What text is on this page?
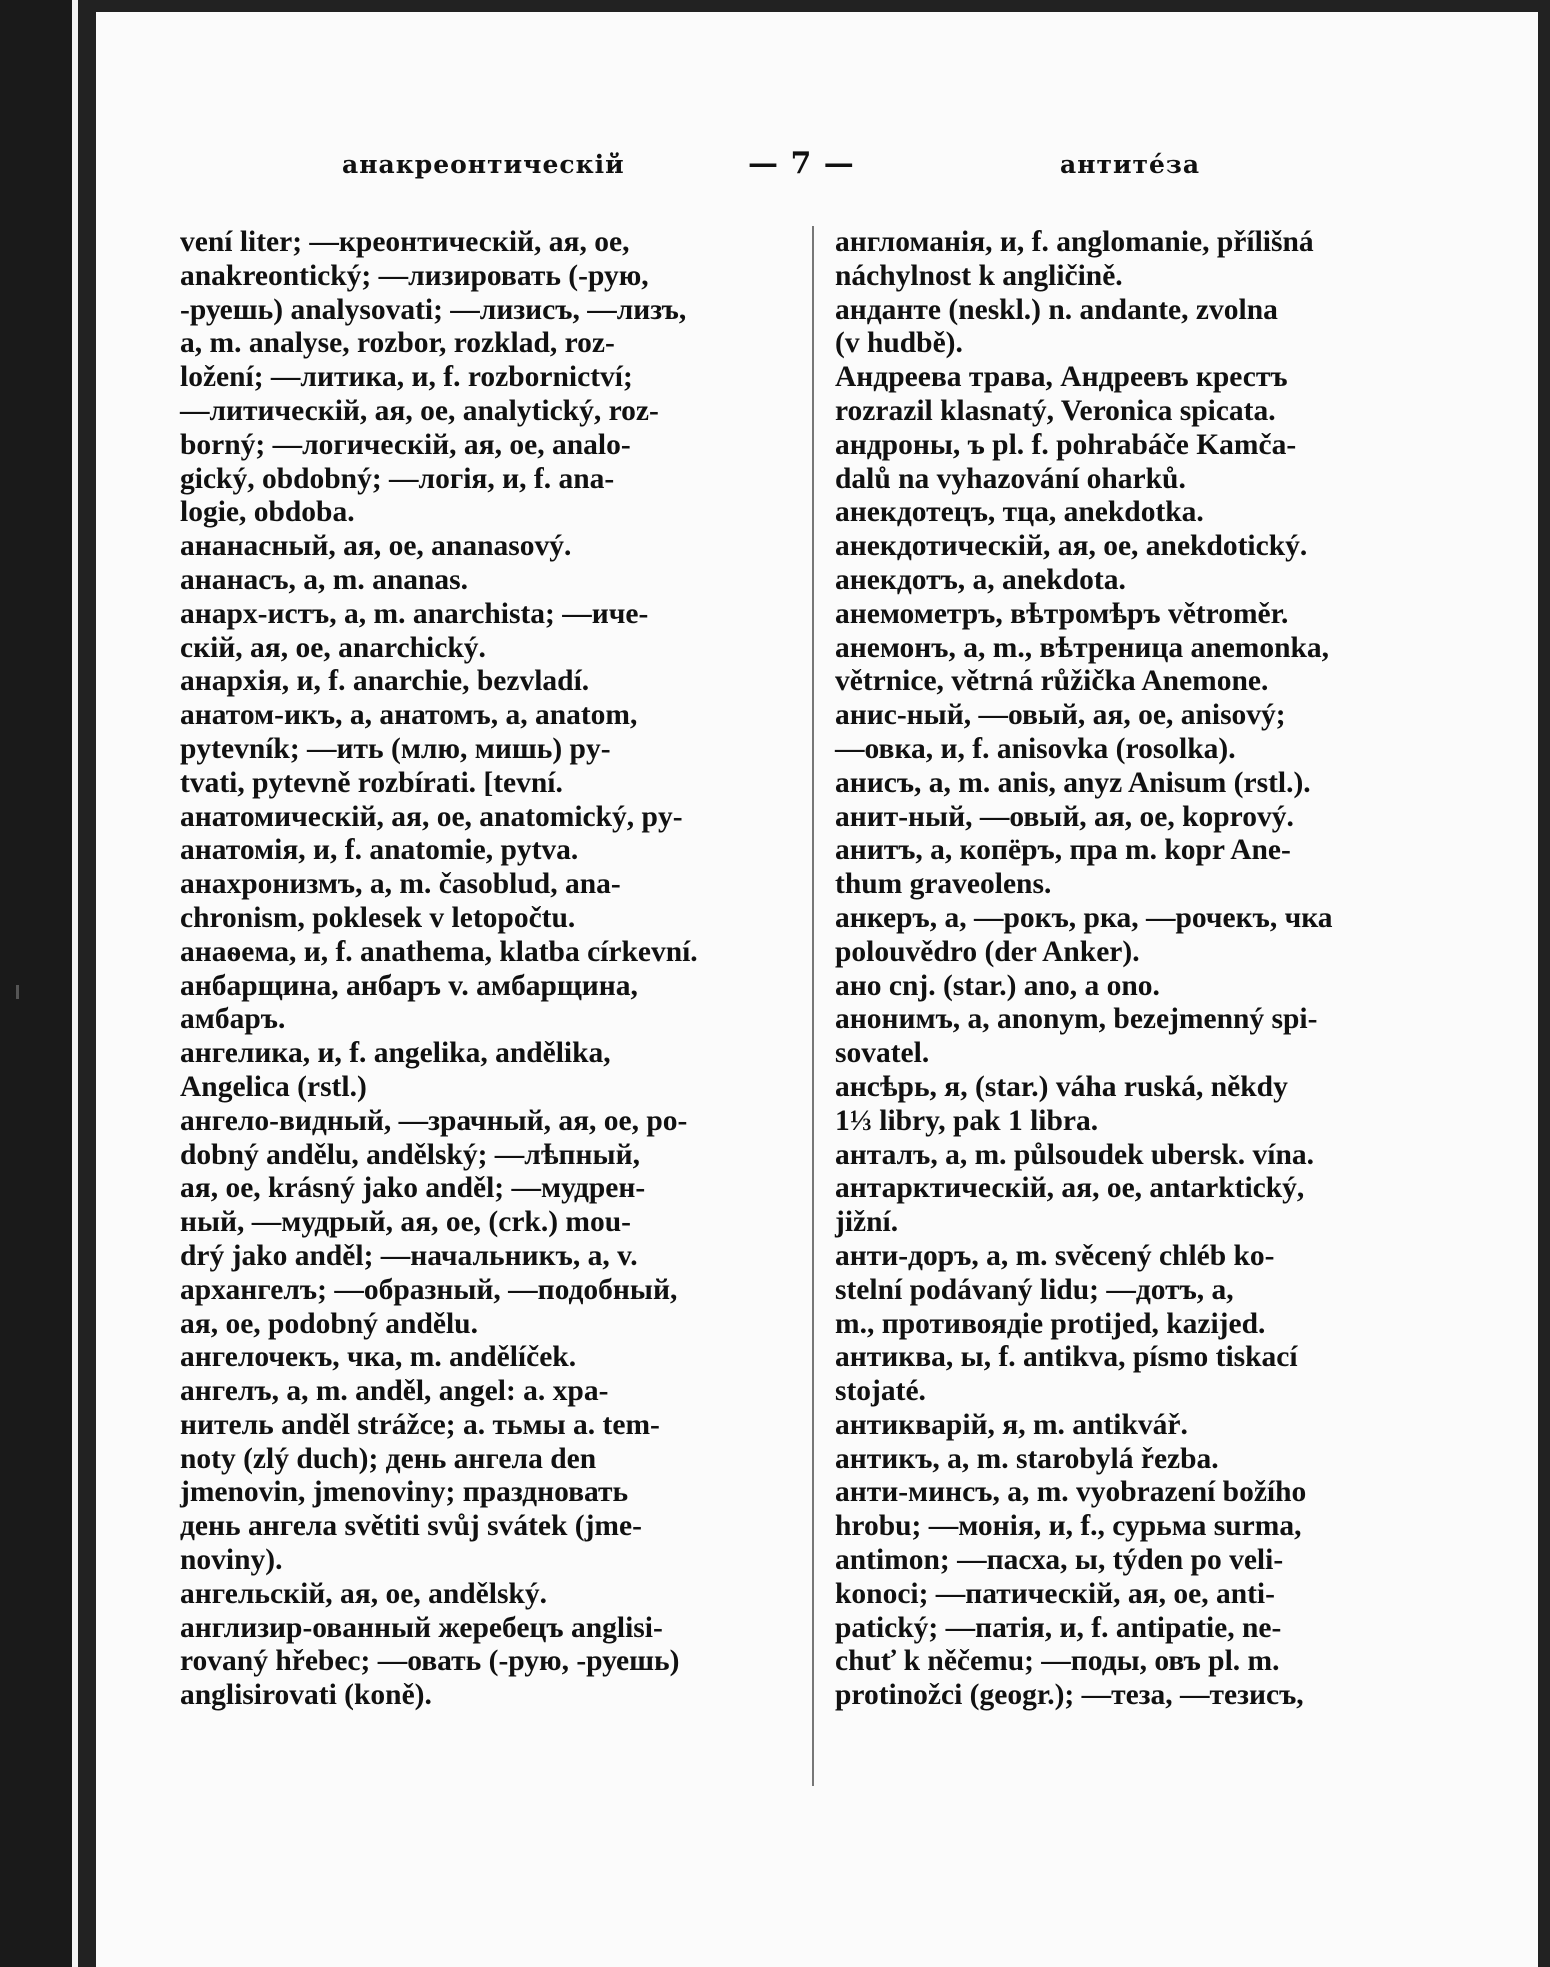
анакреонтическій	— 7 —	антитéза
vení liter; —креонтическій, ая, ое,
anakreontický; —лизировать (-рую,
-руешь) analysovati; —лизисъ, —лизъ,
a, m. analyse, rozbor, rozklad, roz-
ložení; —литика, и, f. rozbornictví;
—литическій, ая, ое, analytický, roz-
borný; —логическій, ая, ое, analo-
gický, obdobný; —логія, и, f. ana-
logie, obdoba.
ананасный, ая, ое, ananasový.
ананасъ, а, m. ananas.
анарх-истъ, а, m. anarchista; —иче-
скій, ая, ое, anarchický.
анархія, и, f. anarchie, bezvladí.
анатом-икъ, а, анатомъ, а, anatom,
pytevník; —ить (млю, мишь) py-
tvati, pytevně rozbírati. [tevní.
анатомическій, ая, ое, anatomický, py-
анатомія, и, f. anatomie, pytva.
анахронизмъ, а, m. časoblud, ana-
chronism, poklesek v letopočtu.
анаѳема, и, f. anathema, klatba církevní.
анбарщина, анбаръ v. амбарщина,
амбаръ.
ангелика, и, f. angelika, andělika,
Angelica (rstl.)
ангело-видный, —зрачный, ая, ое, po-
dobný andělu, andělský; —лѣпный,
ая, ое, krásný jako anděl; —мудрен-
ный, —мудрый, ая, ое, (crk.) mou-
drý jako anděl; —начальникъ, а, v.
архангелъ; —образный, —подобный,
ая, ое, podobný andělu.
ангелочекъ, чка, m. andělíček.
ангелъ, а, m. anděl, angel: а. хра-
нитель anděl strážce; а. тьмы a. tem-
noty (zlý duch); день ангела den
jmenovin, jmenoviny; праздновать
день ангела světiti svůj svátek (jme-
noviny).
ангельскій, ая, ое, andělský.
англизир-ованный жеребецъ anglisi-
rovaný hřebec; —овать (-рую, -руешь)
anglisirovati (koně).
англоманія, и, f. anglomanie, přílišná
náchylnost k angličině.
анданте (neskl.) n. andante, zvolna
(v hudbě).
Андреева трава, Андреевъ крестъ
rozrazil klasnatý, Veronica spicata.
андроны, ъ pl. f. pohrabáče Kamča-
dalů na vyhazování oharků.
анекдотецъ, тца, anekdotka.
анекдотическій, ая, ое, anekdotický.
анекдотъ, а, anekdota.
анемометръ, вѣтромѣръ větroměr.
анемонъ, а, m., вѣтреница anemonka,
větrnice, větrná růžička Anemone.
анис-ный, —овый, ая, ое, anisový;
—овка, и, f. anisovka (rosolka).
анисъ, а, m. anis, anyz Anisum (rstl.).
анит-ный, —овый, ая, ое, koprový.
анитъ, а, копёръ, пра m. kopr Ane-
thum graveolens.
анкеръ, а, —рокъ, рка, —рочекъ, чка
polouvědro (der Anker).
ано cnj. (star.) ano, a ono.
анонимъ, а, anonym, bezejmenný spi-
sovatel.
ансѣрь, я, (star.) váha ruská, někdy
1⅓ libry, pak 1 libra.
анталъ, а, m. půlsoudek ubersk. vína.
антарктическій, ая, ое, antarktický,
jižní.
анти-доръ, а, m. svěcený chléb ko-
stelní podávaný lidu; —дотъ, а,
m., противоядіе protijed, kazijed.
антиква, ы, f. antikva, písmo tiskací
stojaté.
антикварій, я, m. antikvář.
антикъ, а, m. starobylá řezba.
анти-минсъ, а, m. vyobrazení božího
hrobu; —монія, и, f., сурьма surma,
antimon; —пасха, ы, týden po veli-
konoci; —патическій, ая, ое, anti-
patický; —патія, и, f. antipatie, ne-
chuť k něčemu; —поды, овъ pl. m.
protinožci (geogr.); —теза, —тезисъ,
